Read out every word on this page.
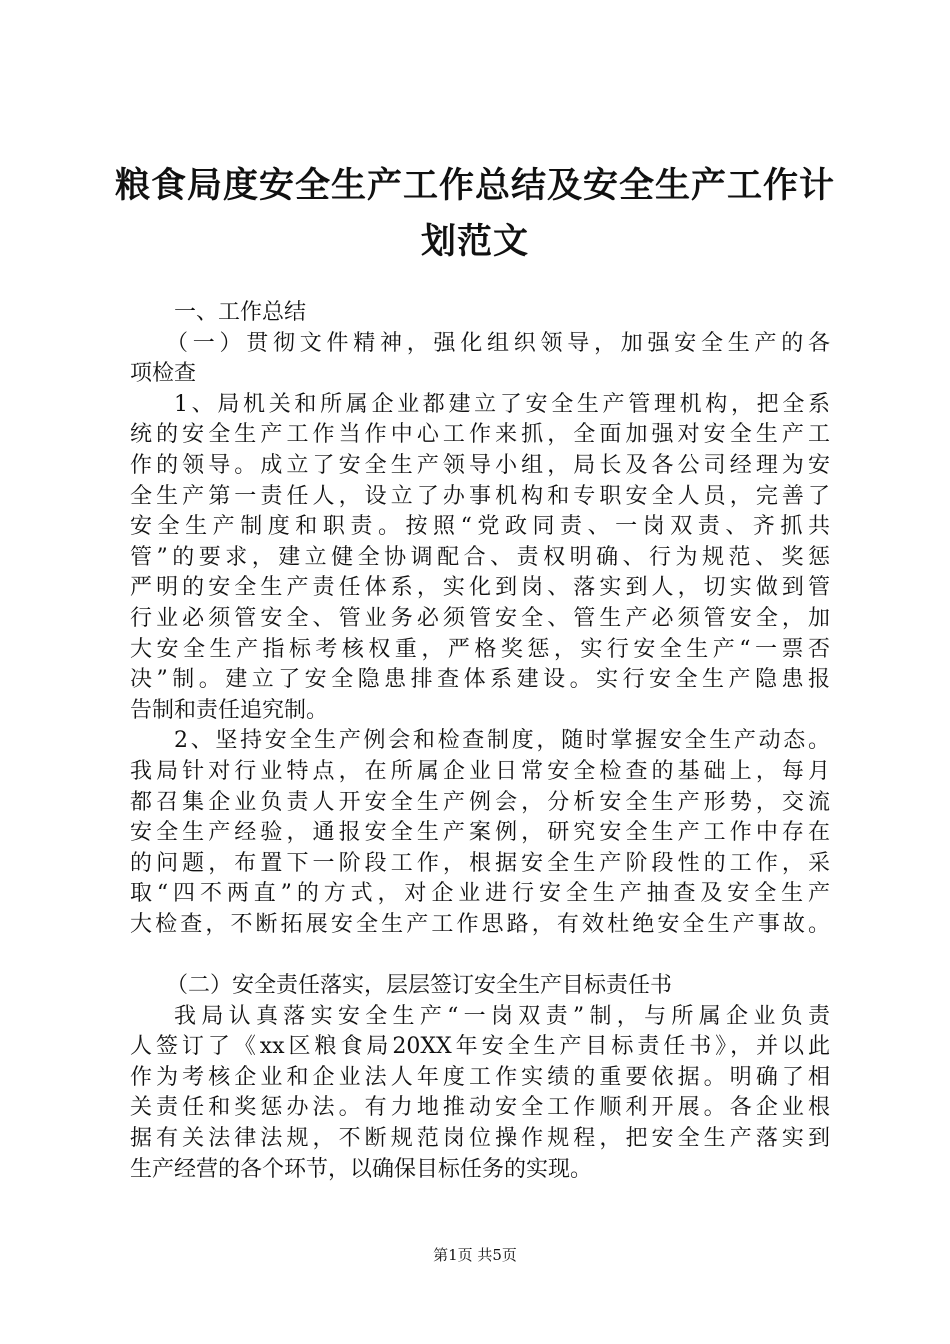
粮食局度安全生产工作总结及安全生产工作计
划范文
一、工作总结
（一）贯彻文件精神，强化组织领导，加强安全生产的各
项检查
1、局机关和所属企业都建立了安全生产管理机构，把全系
统的安全生产工作当作中心工作来抓，全面加强对安全生产工
作的领导。成立了安全生产领导小组，局长及各公司经理为安
全生产第一责任人，设立了办事机构和专职安全人员，完善了
安全生产制度和职责。按照“党政同责、一岗双责、齐抓共
管”的要求，建立健全协调配合、责权明确、行为规范、奖惩
严明的安全生产责任体系，实化到岗、落实到人，切实做到管
行业必须管安全、管业务必须管安全、管生产必须管安全，加
大安全生产指标考核权重，严格奖惩，实行安全生产“一票否
决”制。建立了安全隐患排查体系建设。实行安全生产隐患报
告制和责任追究制。
2、坚持安全生产例会和检查制度，随时掌握安全生产动态。
我局针对行业特点，在所属企业日常安全检查的基础上，每月
都召集企业负责人开安全生产例会，分析安全生产形势，交流
安全生产经验，通报安全生产案例，研究安全生产工作中存在
的问题，布置下一阶段工作，根据安全生产阶段性的工作，采
取“四不两直”的方式，对企业进行安全生产抽查及安全生产
大检查，不断拓展安全生产工作思路，有效杜绝安全生产事故。
（二）安全责任落实，层层签订安全生产目标责任书
我局认真落实安全生产“一岗双责”制，与所属企业负责
人签订了《xx区粮食局20XX年安全生产目标责任书》，并以此
作为考核企业和企业法人年度工作实绩的重要依据。明确了相
关责任和奖惩办法。有力地推动安全工作顺利开展。各企业根
据有关法律法规，不断规范岗位操作规程，把安全生产落实到
生产经营的各个环节，以确保目标任务的实现。
第1页 共5页
